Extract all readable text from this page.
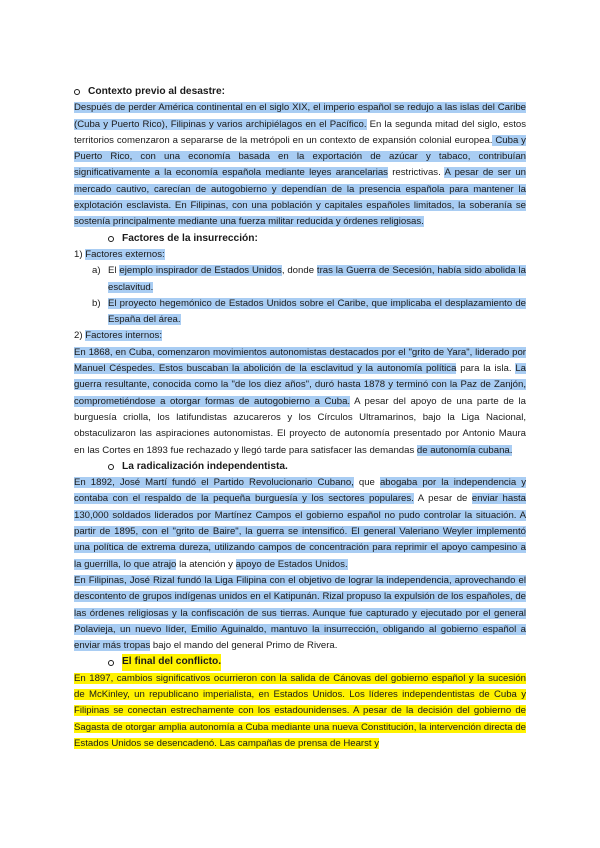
Contexto previo al desastre:

Después de perder América continental en el siglo XIX, el imperio español se redujo a las islas del Caribe (Cuba y Puerto Rico), Filipinas y varios archipiélagos en el Pacífico. En la segunda mitad del siglo, estos territorios comenzaron a separarse de la metrópoli en un contexto de expansión colonial europea. Cuba y Puerto Rico, con una economía basada en la exportación de azúcar y tabaco, contribuían significativamente a la economía española mediante leyes arancelarias restrictivas. A pesar de ser un mercado cautivo, carecían de autogobierno y dependían de la presencia española para mantener la explotación esclavista. En Filipinas, con una población y capitales españoles limitados, la soberanía se sostenía principalmente mediante una fuerza militar reducida y órdenes religiosas.

Factores de la insurrección:

1) Factores externos:

a) El ejemplo inspirador de Estados Unidos, donde tras la Guerra de Secesión, había sido abolida la esclavitud.
b) El proyecto hegemónico de Estados Unidos sobre el Caribe, que implicaba el desplazamiento de España del área.

2) Factores internos:

En 1868, en Cuba, comenzaron movimientos autonomistas destacados por el "grito de Yara", liderado por Manuel Céspedes. Estos buscaban la abolición de la esclavitud y la autonomía política para la isla. La guerra resultante, conocida como la "de los diez años", duró hasta 1878 y terminó con la Paz de Zanjón, comprometiéndose a otorgar formas de autogobierno a Cuba. A pesar del apoyo de una parte de la burguesía criolla, los latifundistas azucareros y los Círculos Ultramarinos, bajo la Liga Nacional, obstaculizaron las aspiraciones autonomistas. El proyecto de autonomía presentado por Antonio Maura en las Cortes en 1893 fue rechazado y llegó tarde para satisfacer las demandas de autonomía cubana.

La radicalización independentista.

En 1892, José Martí fundó el Partido Revolucionario Cubano, que abogaba por la independencia y contaba con el respaldo de la pequeña burguesía y los sectores populares. A pesar de enviar hasta 130,000 soldados liderados por Martínez Campos el gobierno español no pudo controlar la situación. A partir de 1895, con el "grito de Baire", la guerra se intensificó. El general Valeriano Weyler implementó una política de extrema dureza, utilizando campos de concentración para reprimir el apoyo campesino a la guerrilla, lo que atrajo la atención y apoyo de Estados Unidos.

En Filipinas, José Rizal fundó la Liga Filipina con el objetivo de lograr la independencia, aprovechando el descontento de grupos indígenas unidos en el Katipunán. Rizal propuso la expulsión de los españoles, de las órdenes religiosas y la confiscación de sus tierras. Aunque fue capturado y ejecutado por el general Polavieja, un nuevo líder, Emilio Aguinaldo, mantuvo la insurrección, obligando al gobierno español a enviar más tropas bajo el mando del general Primo de Rivera.

El final del conflicto.

En 1897, cambios significativos ocurrieron con la salida de Cánovas del gobierno español y la sucesión de McKinley, un republicano imperialista, en Estados Unidos. Los líderes independentistas de Cuba y Filipinas se conectan estrechamente con los estadounidenses. A pesar de la decisión del gobierno de Sagasta de otorgar amplia autonomía a Cuba mediante una nueva Constitución, la intervención directa de Estados Unidos se desencadenó. Las campañas de prensa de Hearst y
